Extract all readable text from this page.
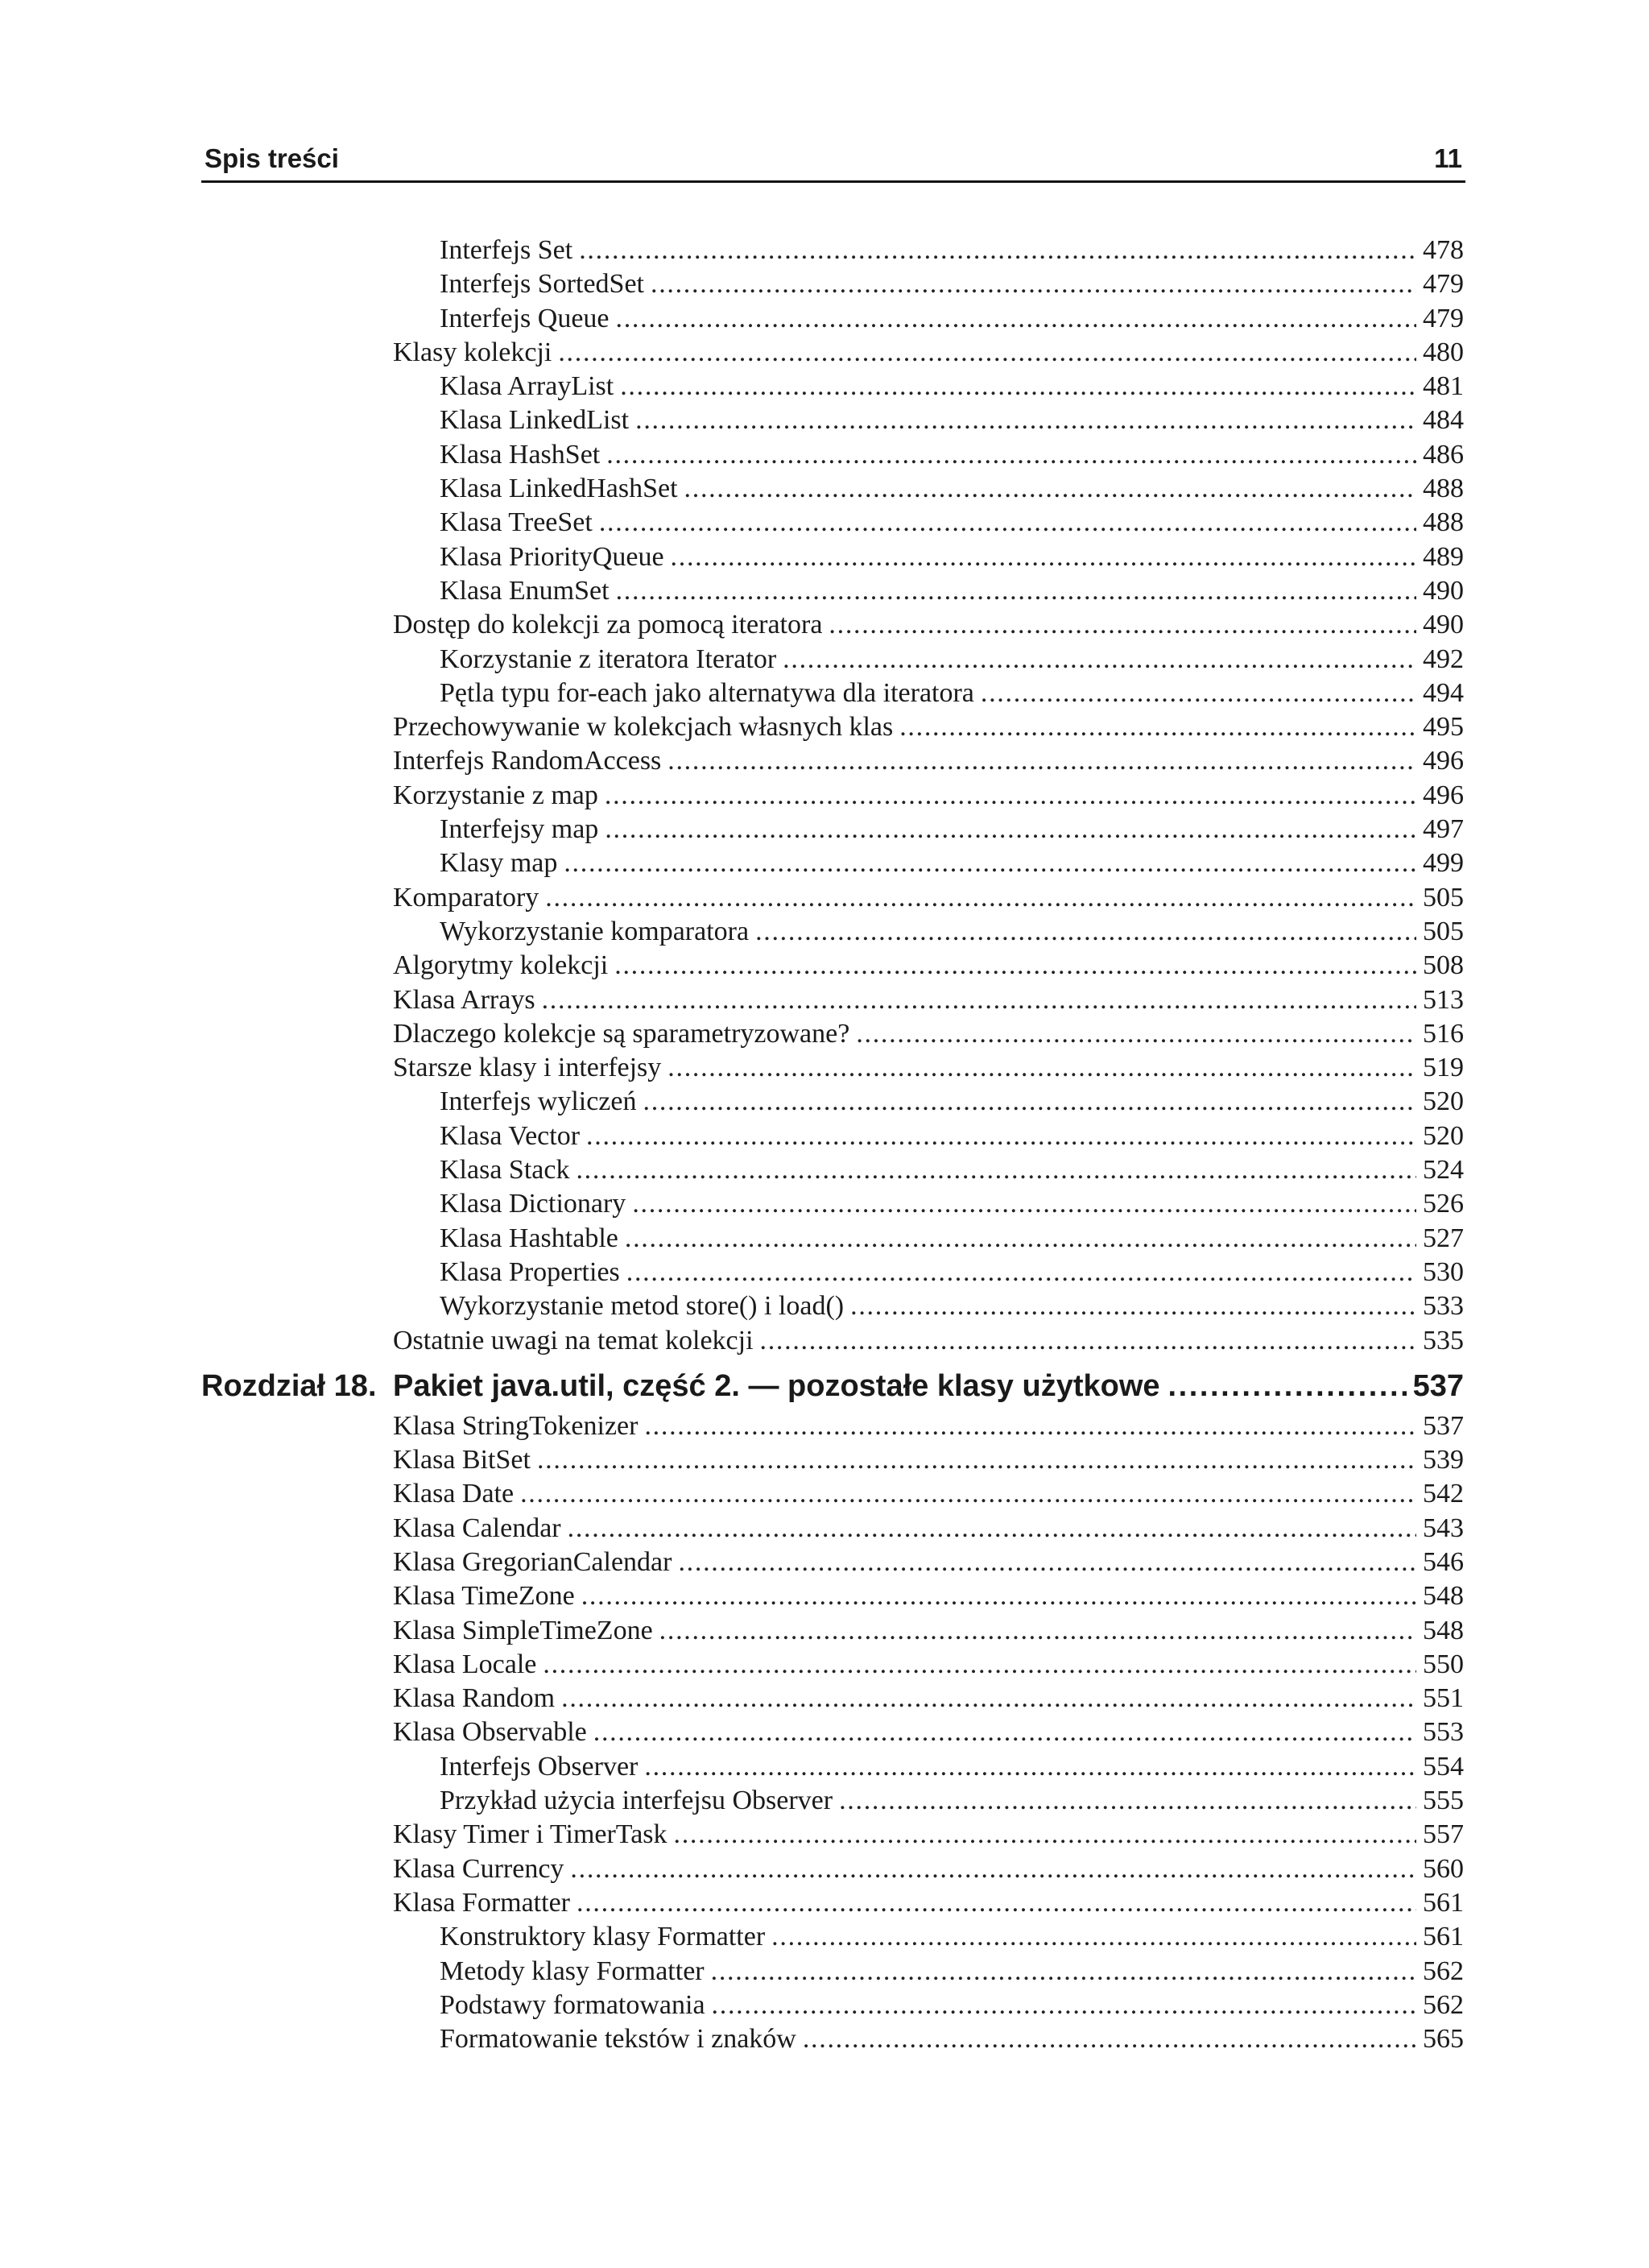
Spis treści	11
Interfejs Set . . .	478
Interfejs SortedSet . . .	479
Interfejs Queue . . .	479
Klasy kolekcji . . .	480
Klasa ArrayList . . .	481
Klasa LinkedList . . .	484
Klasa HashSet . . .	486
Klasa LinkedHashSet . . .	488
Klasa TreeSet . . .	488
Klasa PriorityQueue . . .	489
Klasa EnumSet . . .	490
Dostęp do kolekcji za pomocą iteratora . . .	490
Korzystanie z iteratora Iterator . . .	492
Pętla typu for-each jako alternatywa dla iteratora . . .	494
Przechowywanie w kolekcjach własnych klas . . .	495
Interfejs RandomAccess . . .	496
Korzystanie z map . . .	496
Interfejsy map . . .	497
Klasy map . . .	499
Komparatory . . .	505
Wykorzystanie komparatora . . .	505
Algorytmy kolekcji . . .	508
Klasa Arrays . . .	513
Dlaczego kolekcje są sparametryzowane? . . .	516
Starsze klasy i interfejsy . . .	519
Interfejs wyliczeń . . .	520
Klasa Vector . . .	520
Klasa Stack . . .	524
Klasa Dictionary . . .	526
Klasa Hashtable . . .	527
Klasa Properties . . .	530
Wykorzystanie metod store() i load() . . .	533
Ostatnie uwagi na temat kolekcji . . .	535
Rozdział 18. Pakiet java.util, część 2. — pozostałe klasy użytkowe . . .	537
Klasa StringTokenizer . . .	537
Klasa BitSet . . .	539
Klasa Date . . .	542
Klasa Calendar . . .	543
Klasa GregorianCalendar . . .	546
Klasa TimeZone . . .	548
Klasa SimpleTimeZone . . .	548
Klasa Locale . . .	550
Klasa Random . . .	551
Klasa Observable . . .	553
Interfejs Observer . . .	554
Przykład użycia interfejsu Observer . . .	555
Klasy Timer i TimerTask . . .	557
Klasa Currency . . .	560
Klasa Formatter . . .	561
Konstruktory klasy Formatter . . .	561
Metody klasy Formatter . . .	562
Podstawy formatowania . . .	562
Formatowanie tekstów i znaków . . .	565
